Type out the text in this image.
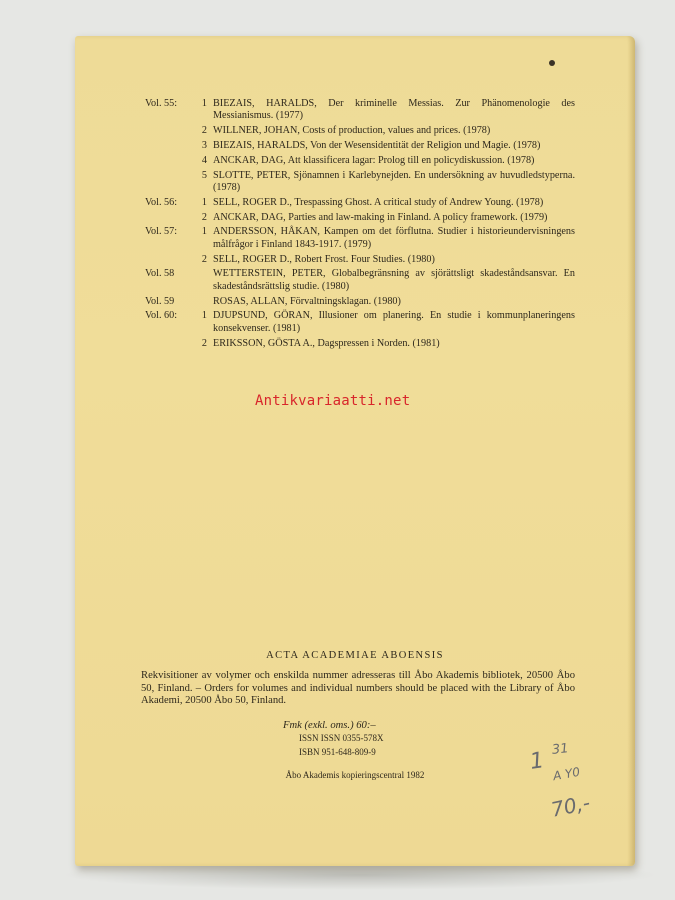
Vol. 55:	1 BIEZAIS, HARALDS, Der kriminelle Messias. Zur Phänomenologie des Messianismus. (1977)
2 WILLNER, JOHAN, Costs of production, values and prices. (1978)
3 BIEZAIS, HARALDS, Von der Wesensidentität der Religion und Magie. (1978)
4 ANCKAR, DAG, Att klassificera lagar: Prolog till en policydiskussion. (1978)
5 SLOTTE, PETER, Sjönamnen i Karlebynejden. En undersökning av huvudledstyperna. (1978)
Vol. 56:	1 SELL, ROGER D., Trespassing Ghost. A critical study of Andrew Young. (1978)
2 ANCKAR, DAG, Parties and law-making in Finland. A policy framework. (1979)
Vol. 57:	1 ANDERSSON, HÅKAN, Kampen om det förflutna. Studier i historieundervisningens målfrågor i Finland 1843-1917. (1979)
2 SELL, ROGER D., Robert Frost. Four Studies. (1980)
Vol. 58	WETTERSTEIN, PETER, Globalbegränsning av sjörättsligt skadeståndsansvar. En skadeståndsrättslig studie. (1980)
Vol. 59	ROSAS, ALLAN, Förvaltningsklagan. (1980)
Vol. 60:	1 DJUPSUND, GÖRAN, Illusioner om planering. En studie i kommunplaneringens konsekvenser. (1981)
2 ERIKSSON, GÖSTA A., Dagspressen i Norden. (1981)
Antikvariaatti.net
ACTA ACADEMIAE ABOENSIS
Rekvisitioner av volymer och enskilda nummer adresseras till Åbo Akademis bibliotek, 20500 Åbo 50, Finland. – Orders for volumes and individual numbers should be placed with the Library of Åbo Akademi, 20500 Åbo 50, Finland.
Fmk (exkl. oms.) 60:–
ISSN ISSN 0355-578X
ISBN 951-648-809-9
Åbo Akademis kopieringscentral 1982	1 31
A Y0
70,-
